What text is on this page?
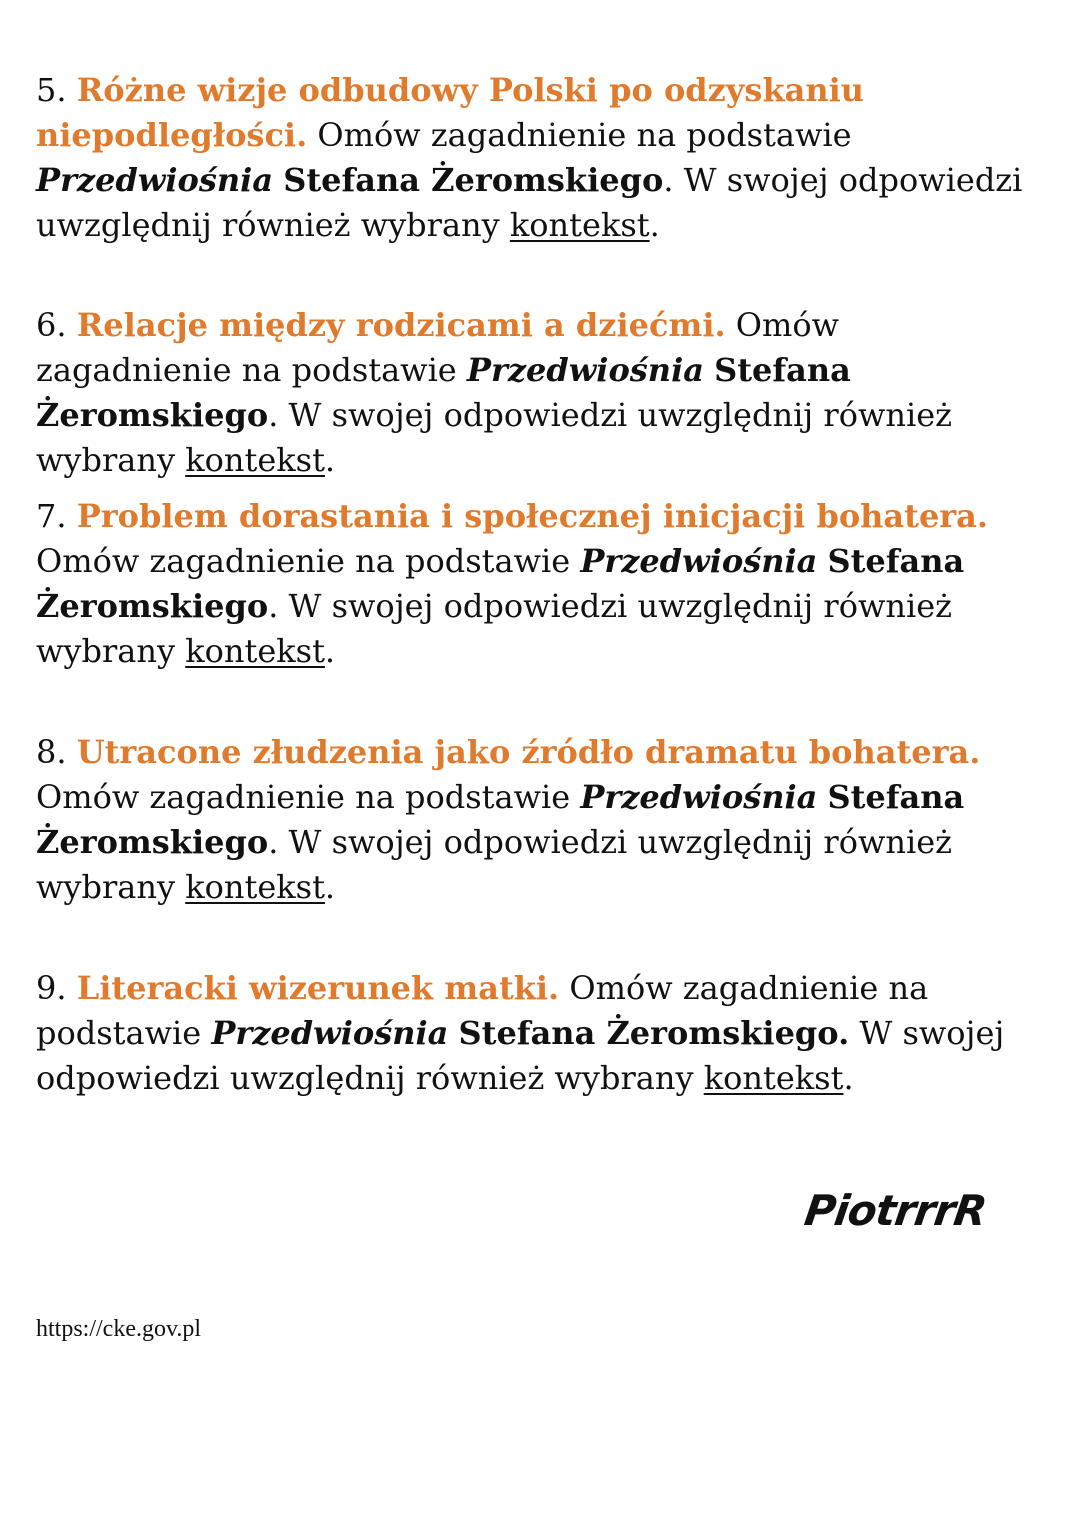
5. Różne wizje odbudowy Polski po odzyskaniu niepodległości. Omów zagadnienie na podstawie
Przedwiośnia Stefana Żeromskiego. W swojej odpowiedzi uwzględnij również wybrany kontekst.

6. Relacje między rodzicami a dziećmi. Omów zagadnienie na podstawie Przedwiośnia Stefana Żeromskiego. W swojej odpowiedzi uwzględnij również wybrany kontekst.

7. Problem dorastania i społecznej inicjacji bohatera.
Omów zagadnienie na podstawie Przedwiośnia Stefana Żeromskiego. W swojej odpowiedzi uwzględnij również wybrany kontekst.

8. Utracone złudzenia jako źródło dramatu bohatera.
Omów zagadnienie na podstawie Przedwiośnia Stefana Żeromskiego. W swojej odpowiedzi uwzględnij również wybrany kontekst.

9. Literacki wizerunek matki. Omów zagadnienie na podstawie Przedwiośnia Stefana Żeromskiego. W swojej odpowiedzi uwzględnij również wybrany kontekst.

PiotrrrR
https://cke.gov.pl
